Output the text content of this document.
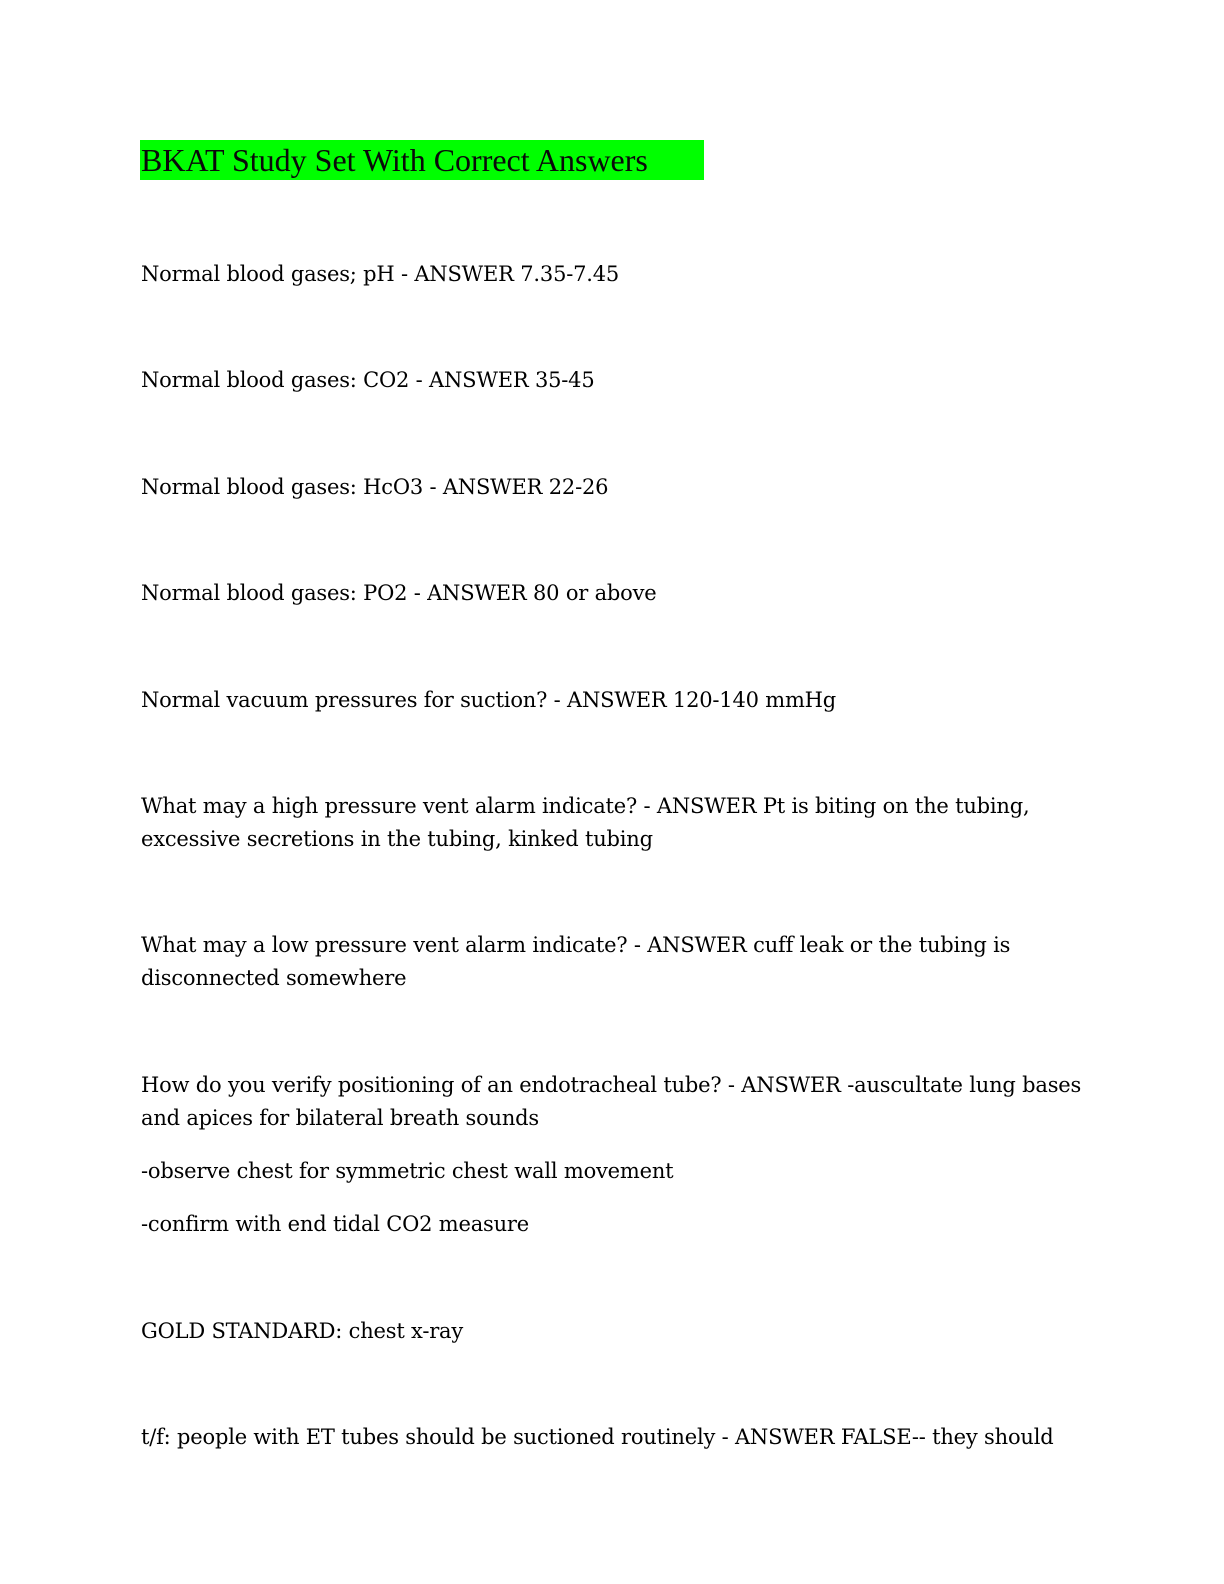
BKAT Study Set With Correct Answers
Normal blood gases; pH - ANSWER 7.35-7.45
Normal blood gases: CO2 - ANSWER 35-45
Normal blood gases: HcO3 - ANSWER 22-26
Normal blood gases: PO2 - ANSWER 80 or above
Normal vacuum pressures for suction? - ANSWER 120-140 mmHg
What may a high pressure vent alarm indicate? - ANSWER Pt is biting on the tubing,
excessive secretions in the tubing, kinked tubing
What may a low pressure vent alarm indicate? - ANSWER cuff leak or the tubing is
disconnected somewhere
How do you verify positioning of an endotracheal tube? - ANSWER -auscultate lung bases
and apices for bilateral breath sounds
-observe chest for symmetric chest wall movement
-confirm with end tidal CO2 measure
GOLD STANDARD: chest x-ray
t/f: people with ET tubes should be suctioned routinely - ANSWER FALSE-- they should
